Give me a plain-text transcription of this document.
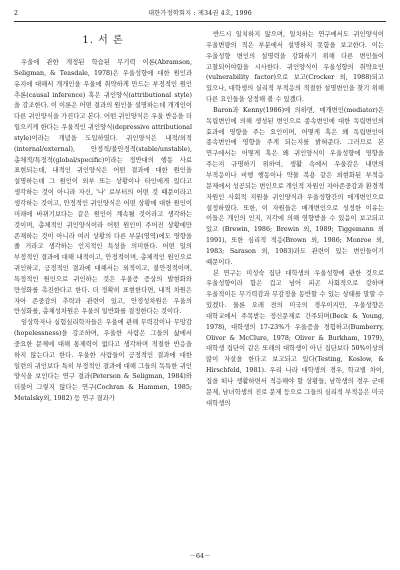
2	대한가정학회지 : 제34권 4호, 1996
1. 서 론

우울에 관한 개정된 학습된 무기력 이론(Abramson, Seligman, & Teasdale, 1978)은 우울성향에 대한 원인과 유지에 대해서 개개인을 우울에 취약하게 만드는 부정적인 원인 추론(causal inference) 혹은 귀인양식(attributional style)을 강조한다. 이 이론은 어떤 결과의 원인을 설명하는데 개개인이 다른 귀인양식을 가진다고 본다. 어떤 귀인양식은 우울 반응을 더 일으키게 한다는 우울적인 귀인양식(depressive attributional style)이라는 개념을 도입하였다. 귀인양식은 내적/외적(internal/external), 안정적/불안정적(stable/unstable), 총체적/특정적(global/specific)이라는 정반대의 행동 사료 표현되는데, 내적인 귀인양식은 어떤 결과에 대한 원인을 설명하는데 그 원인이 외부 또는 상황이나 타인에게 있다고 생각하는 것이 아니라 자신, '나' 로부터의 어떤 것 때문이라고 생각하는 것이고, 안정적인 귀인양식은 어떤 상황에 대한 원인이 미래에 바뀌기보다는 같은 원인이 계속될 것이라고 생각하는 것이며, 총체적인 귀인양식이라 어떤 원인이 주어진 상황에만 존재하는 것이 아니라 여러 상황의 다른 부분(영역)에도 영향을 줄 거라고 생각하는 인지적인 특성을 의미한다. 어떤 일의 부정적인 결과에 대해 내적이고, 안정적이며, 총체적인 원인으로 귀인하고, 긍정적인 결과에 대해서는 외적이고, 불안정적이며, 특정적인 원인으로 귀인하는 것은 우울증 증상의 발현화와 만성화를 촉진한다고 한다. 더 정확히 표현한다면, 내적 차원은 자아 존중감의 추락과 관련이 있고, 안정성차원은 우울의 만성화를, 총체성차원은 우울의 일반화를 결정한다는 것이다.

임상학자나 실험심리학자들은 우울에 관해 무력감이나 무망감(hopelessness)을 강조하며, 우울한 사람은 그들의 삶에서 중요한 문제에 대해 통제력이 없다고 생각하며 적절한 반응을 하지 않는다고 한다. 우울한 사람들이 긍정적인 결과에 대한 일련의 귀인보다 특히 부정적인 결과에 대해 그들의 독특한 귀인 양식을 보인다는 연구 결과(Peterson & Seligman, 1984)와 더불어 그렇지 않다는 연구(Cochran & Hammen, 1985; Metalsky외, 1982) 등 연구 결과가

반드시 일치하지 않으며, 일치하는 연구에서도 귀인양식이 우울변량의 적은 부분에서 설명하지 못함을 보고한다. 이는 우울성향 변인의 설명력을 강화하기 위해 다른 변인들이 고찰되어야함을 시사한다. 귀인양식이 우울성향의 취약요인(vulnerability factor)으로 보고(Crocker 외, 1988)되고 있으나, 대학생의 실리적 부적응의 적절한 설명변인을 찾기 위해 다른 요인들을 상정해 볼 수 있겠다.

Baron과 Kenny(1986)에 의하면, 매개변인(mediator)은 독립변인에 의해 생성된 변인으로 종속변인에 대한 독립변인의 효과에 영향을 주는 요인이며, 어떻게 혹은 왜 독립변인이 종속변인에 영향을 주게 되는지를 밝혀준다. 그러므로 본 연구에서는 어떻게 혹은 왜 귀인양식이 우울성향에 영향을 주는지 규명하기 위하여, 생활 속에서 우울감은 내면의 부적응이나 비행 행동이나 약물 복용 같은 외현화된 부적응 문제에서 성공되는 변인으로 개인적 자원인 자아존중감과 환경적 자원인 사회적 지원을 귀인양식과 우울성향간의 매개변인으로 설정하였다. 또한, 이 자원들은 매개변인으로 성정한 이유는 이들은 개인의 인지, 지각에 의해 영향받을 수 있음이 보고되고 있고 (Brewin, 1986; Brewin 외, 1989; Tiggemann 외 1991), 또한 심리적 적응(Brown 외, 1986; Monroe 외, 1983; Sarason 외, 1983)과도 관련이 있는 변인들이기 때문이다.

본 연구는 미성숙 집단 대학생의 우울성향에 관한 것으로 우울성향이라 함은 겁고 넘어 피곤 사회적으로 강하며 우울적이든 무기력감과 무감정을 동반할 수 있는 상태를 말할 수 있겠다. 물론 오래 전의 미국의 경우이지만, 우울성향은 대학교에서 주목받는 정신문제로 간주되며(Beck & Young, 1978), 대학생의 17-23%가 우울증을 경험하고(Bumberry, Oliver & McClure, 1978; Oliver & Burkham, 1979), 대학생 집단이 같은 또래의 대학생이 아닌 집단보다 50%이상의 많이 자살을 한다고 보고되고 있다(Testing, Koslow, & Hirschfeld, 1981). 우리 나라 대학생의 경우, 학교별 차이, 집을 떠나 생활하면서 적응해야 할 상황들, 남학생의 경우 군대 문제, 남녀학생의 진로 문제 등으로 그들의 심리적 부적응은 미국 대학생의

－64－
